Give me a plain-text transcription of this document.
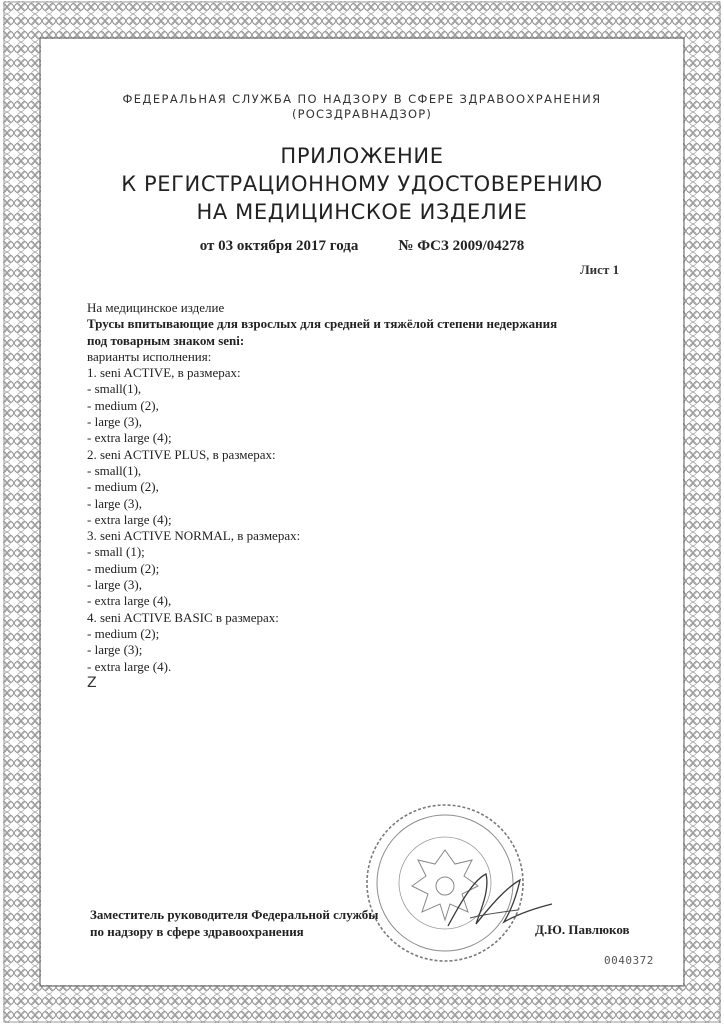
ФЕДЕРАЛЬНАЯ СЛУЖБА ПО НАДЗОРУ В СФЕРЕ ЗДРАВООХРАНЕНИЯ
(РОСЗДРАВНАДЗОР)
ПРИЛОЖЕНИЕ
К РЕГИСТРАЦИОННОМУ УДОСТОВЕРЕНИЮ
НА МЕДИЦИНСКОЕ ИЗДЕЛИЕ
от 03 октября 2017 года	№ ФСЗ 2009/04278
Лист 1
На медицинское изделие
Трусы впитывающие для взрослых для средней и тяжёлой степени недержания
под товарным знаком seni:
варианты исполнения:
1. seni ACTIVE, в размерах:
- small(1),
- medium (2),
- large (3),
- extra large (4);
2. seni ACTIVE PLUS, в размерах:
- small(1),
- medium (2),
- large (3),
- extra large (4);
3. seni ACTIVE NORMAL, в размерах:
- small (1);
- medium (2);
- large (3),
- extra large (4),
4. seni ACTIVE BASIC в размерах:
- medium (2);
- large (3);
- extra large (4).
Z
Заместитель руководителя Федеральной службы
по надзору в сфере здравоохранения	Д.Ю. Павлюков
0040372
